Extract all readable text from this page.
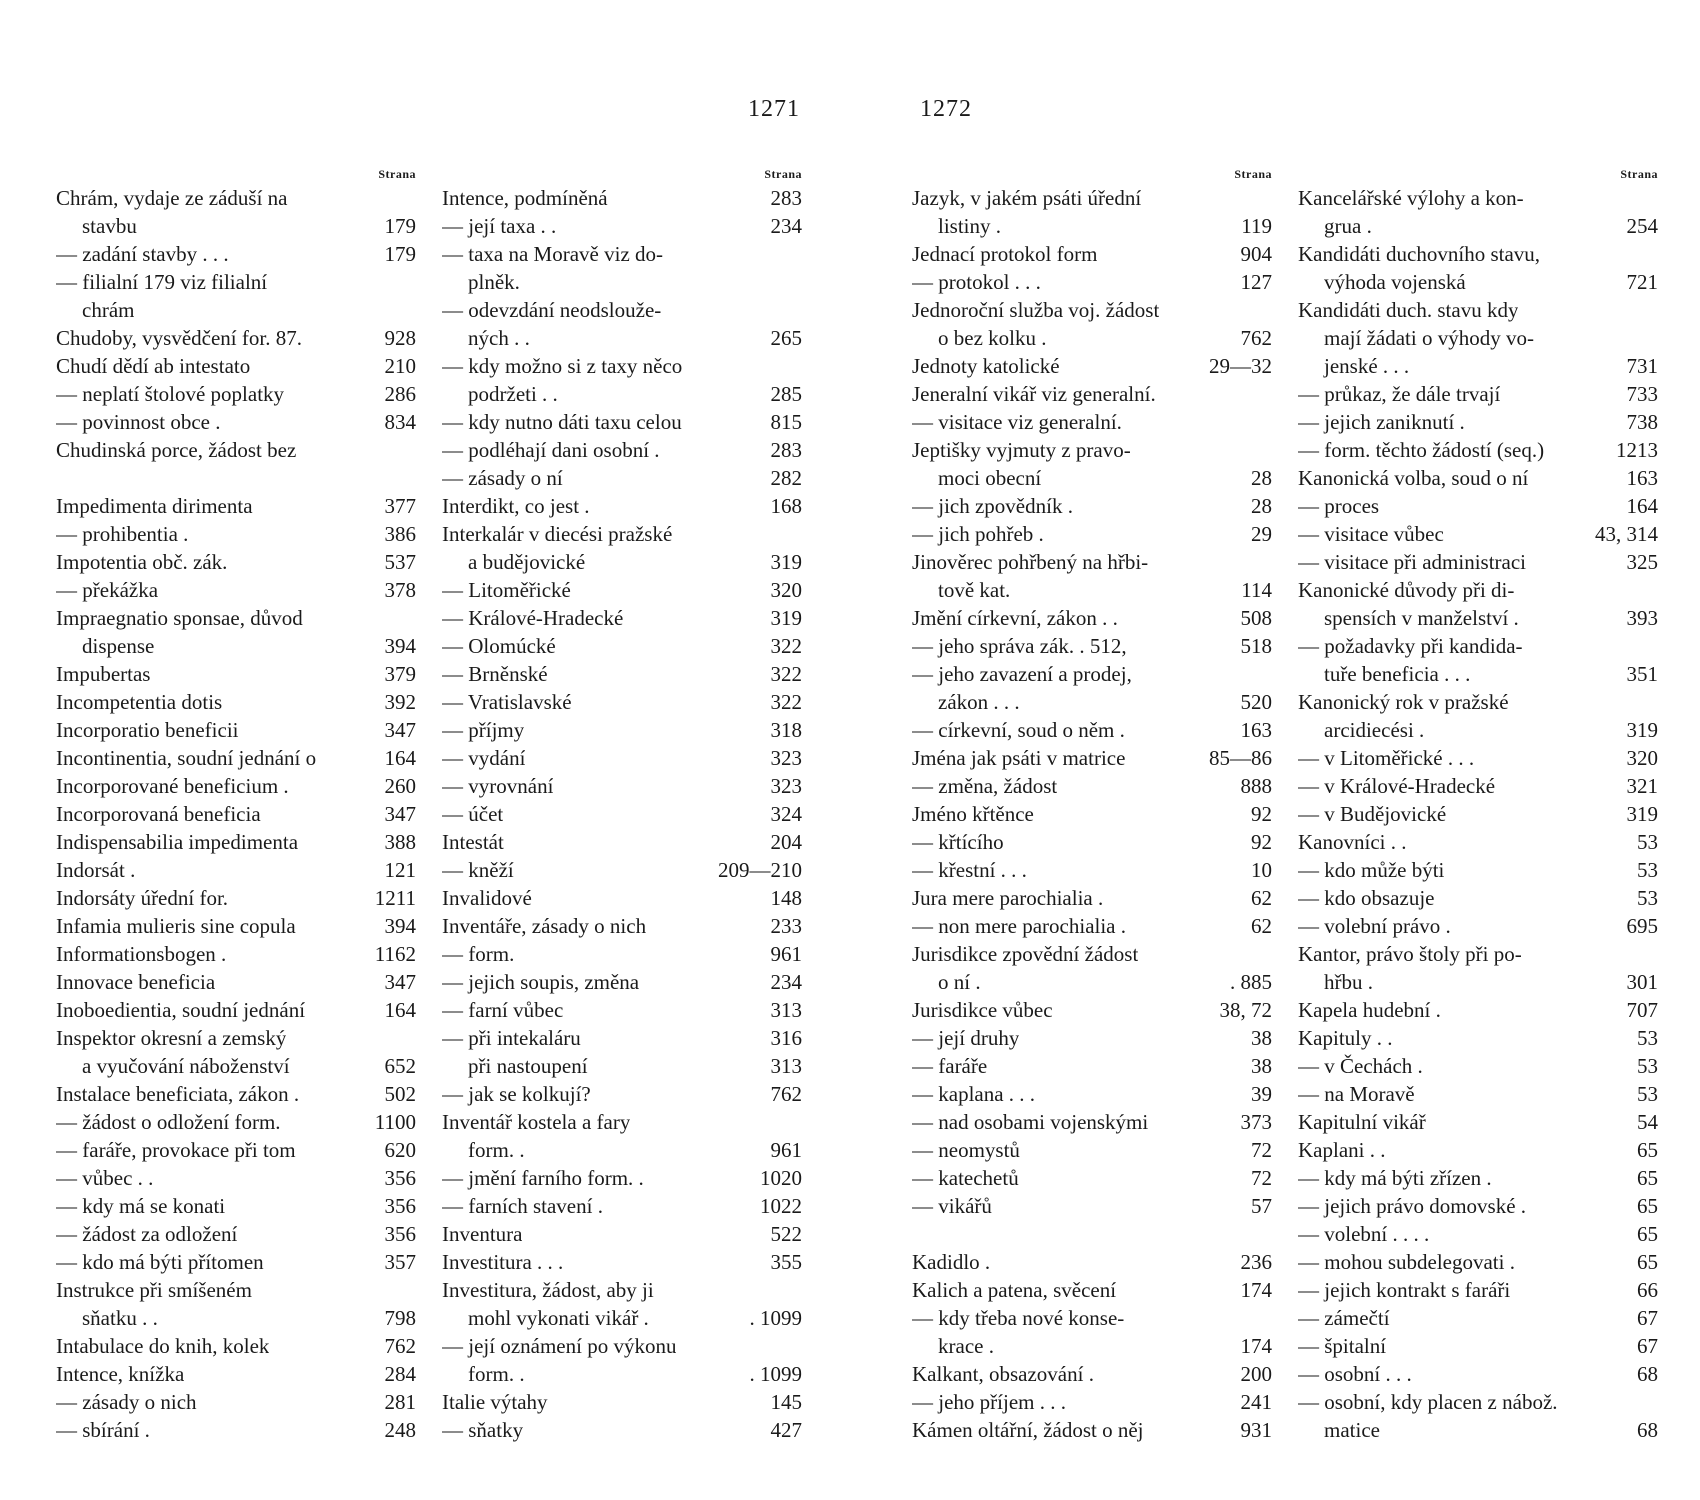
1271	1272
Strana
Chrám, vydaje ze záduší na
stavbu	179
— zadání stavby . . .	179
— filialní 179 viz filialní
chrám
Chudoby, vysvědčení for. 87.	928
Chudí dědí ab intestato	210
— neplatí štolové poplatky	286
— povinnost obce .	834
Chudinská porce, žádost bez
Impedimenta dirimenta	377
— prohibentia .	386
Impotentia obč. zák.	537
— překážka	378
Impraegnatio sponsae, důvod
dispense	394
Impubertas	379
Incompetentia dotis	392
Incorporatio beneficii	347
Incontinentia, soudní jednání o	164
Incorporované beneficium .	260
Incorporovaná beneficia	347
Indispensabilia impedimenta	388
Indorsát .	121
Indorsáty úřední for.	1211
Infamia mulieris sine copula	394
Informationsbogen .	1162
Innovace beneficia	347
Inoboedientia, soudní jednání	164
Inspektor okresní a zemský
a vyučování náboženství	652
Instalace beneficiata, zákon .	502
— žádost o odložení form.	1100
— faráře, provokace při tom	620
— vůbec . .	356
— kdy má se konati	356
— žádost za odložení	356
— kdo má býti přítomen	357
Instrukce při smíšeném
sňatku . .	798
Intabulace do knih, kolek	762
Intence, knížka	284
— zásady o nich	281
— sbírání .	248
Strana
Intence, podmíněná	283
— její taxa . .	234
— taxa na Moravě viz do-
plněk.
— odevzdání neodslouže-
ných . .	265
— kdy možno si z taxy něco
podržeti . .	285
— kdy nutno dáti taxu celou	815
— podléhají dani osobní .	283
— zásady o ní	282
Interdikt, co jest .	168
Interkalár v diecési pražské
a budějovické	319
— Litoměřické	320
— Králové-Hradecké	319
— Olomúcké	322
— Brněnské	322
— Vratislavské	322
— příjmy	318
— vydání	323
— vyrovnání	323
— účet	324
Intestát	204
— kněží	209—210
Invalidové	148
Inventáře, zásady o nich	233
— form.	961
— jejich soupis, změna	234
— farní vůbec	313
— při intekaláru	316
při nastoupení	313
— jak se kolkují?	762
Inventář kostela a fary
form. .	961
— jmění farního form. .	1020
— farních stavení .	1022
Inventura	522
Investitura . . .	355
Investitura, žádost, aby ji
mohl vykonati vikář .	. 1099
— její oznámení po výkonu
form. .	. 1099
Italie výtahy	145
— sňatky	427
Strana
Jazyk, v jakém psáti úřední
listiny .	119
Jednací protokol form	904
— protokol . . .	127
Jednoroční služba voj. žádost
o bez kolku .	762
Jednoty katolické	29—32
Jeneralní vikář viz generalní.
— visitace viz generalní.
Jeptišky vyjmuty z pravo-
moci obecní	28
— jich zpovědník .	28
— jich pohřeb .	29
Jinověrec pohřbený na hřbi-
tově kat.	114
Jmění církevní, zákon . .	508
— jeho správa zák. . 512,	518
— jeho zavazení a prodej,
zákon . . .	520
— církevní, soud o něm .	163
Jména jak psáti v matrice	85—86
— změna, žádost	888
Jméno křtěnce	92
— křtícího	92
— křestní . . .	10
Jura mere parochialia .	62
— non mere parochialia .	62
Jurisdikce zpovědní žádost
o ní .	. 885
Jurisdikce vůbec	38, 72
— její druhy	38
— faráře	38
— kaplana . . .	39
— nad osobami vojenskými	373
— neomystů	72
— katechetů	72
— vikářů	57
Kadidlo .	236
Kalich a patena, svěcení	174
— kdy třeba nové konse-
krace .	174
Kalkant, obsazování .	200
— jeho příjem . . .	241
Kámen oltářní, žádost o něj	931
Strana
Kancelářské výlohy a kon-
grua .	254
Kandidáti duchovního stavu,
výhoda vojenská	721
Kandidáti duch. stavu kdy
mají žádati o výhody vo-
jenské . . .	731
— průkaz, že dále trvají	733
— jejich zaniknutí .	738
— form. těchto žádostí (seq.)	1213
Kanonická volba, soud o ní	163
— proces	164
— visitace vůbec	43, 314
— visitace při administraci	325
Kanonické důvody při di-
spensích v manželství .	393
— požadavky při kandida-
tuře beneficia . . .	351
Kanonický rok v pražské
arcidiecési .	319
— v Litoměřické . . .	320
— v Králové-Hradecké	321
— v Budějovické	319
Kanovníci . .	53
— kdo může býti	53
— kdo obsazuje	53
— volební právo .	695
Kantor, právo štoly při po-
hřbu .	301
Kapela hudební .	707
Kapituly . .	53
— v Čechách .	53
— na Moravě	53
Kapitulní vikář	54
Kaplani . .	65
— kdy má býti zřízen .	65
— jejich právo domovské .	65
— volební . . . .	65
— mohou subdelegovati .	65
— jejich kontrakt s faráři	66
— zámečtí	67
— špitalní	67
— osobní . . .	68
— osobní, kdy placen z nábož.
matice	68
